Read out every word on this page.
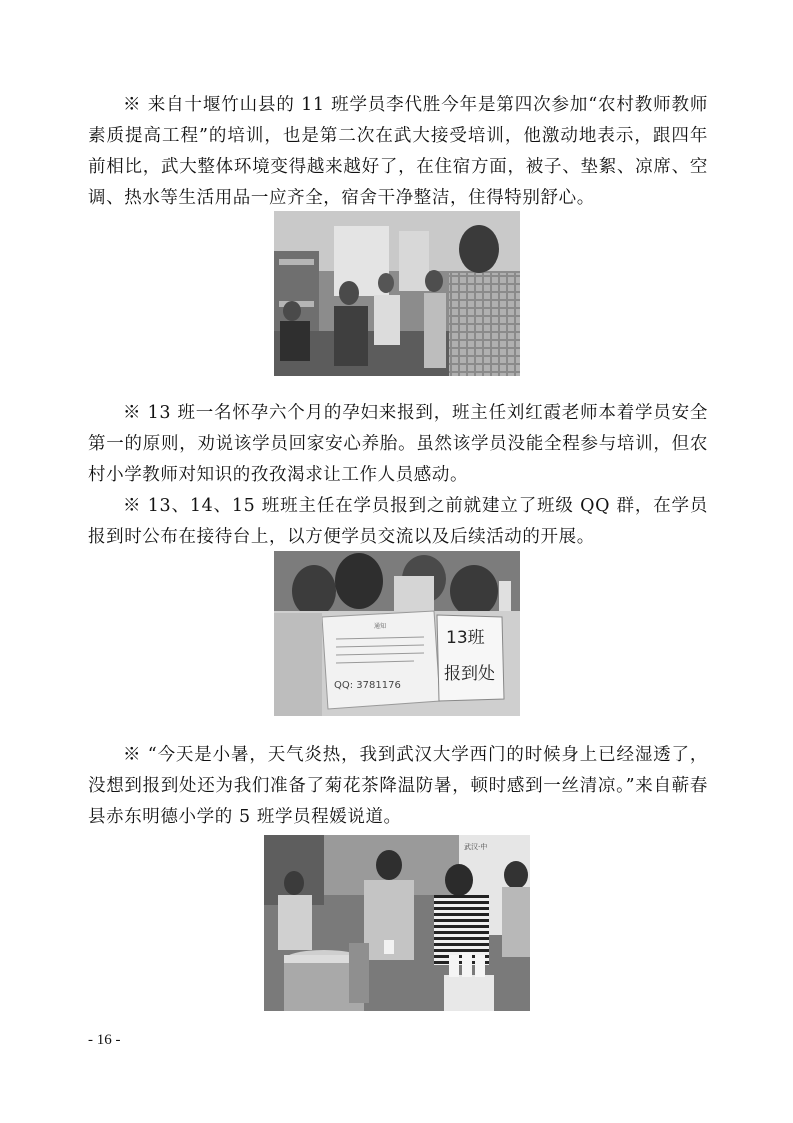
※ 来自十堰竹山县的 11 班学员李代胜今年是第四次参加“农村教师教师素质提高工程”的培训，也是第二次在武大接受培训，他激动地表示，跟四年前相比，武大整体环境变得越来越好了，在住宿方面，被子、垫絮、凉席、空调、热水等生活用品一应齐全，宿舍干净整洁，住得特别舒心。

※ 13 班一名怀孕六个月的孕妇来报到，班主任刘红霞老师本着学员安全第一的原则，劝说该学员回家安心养胎。虽然该学员没能全程参与培训，但农村小学教师对知识的孜孜渴求让工作人员感动。

※ 13、14、15 班班主任在学员报到之前就建立了班级 QQ 群，在学员报到时公布在接待台上，以方便学员交流以及后续活动的开展。

通知
QQ: 3781176
13班
报到处

※ “今天是小暑，天气炎热，我到武汉大学西门的时候身上已经湿透了，没想到报到处还为我们准备了菊花茶降温防暑，顿时感到一丝清凉。”来自蕲春县赤东明德小学的 5 班学员程媛说道。

武汉·中
- 16 -
